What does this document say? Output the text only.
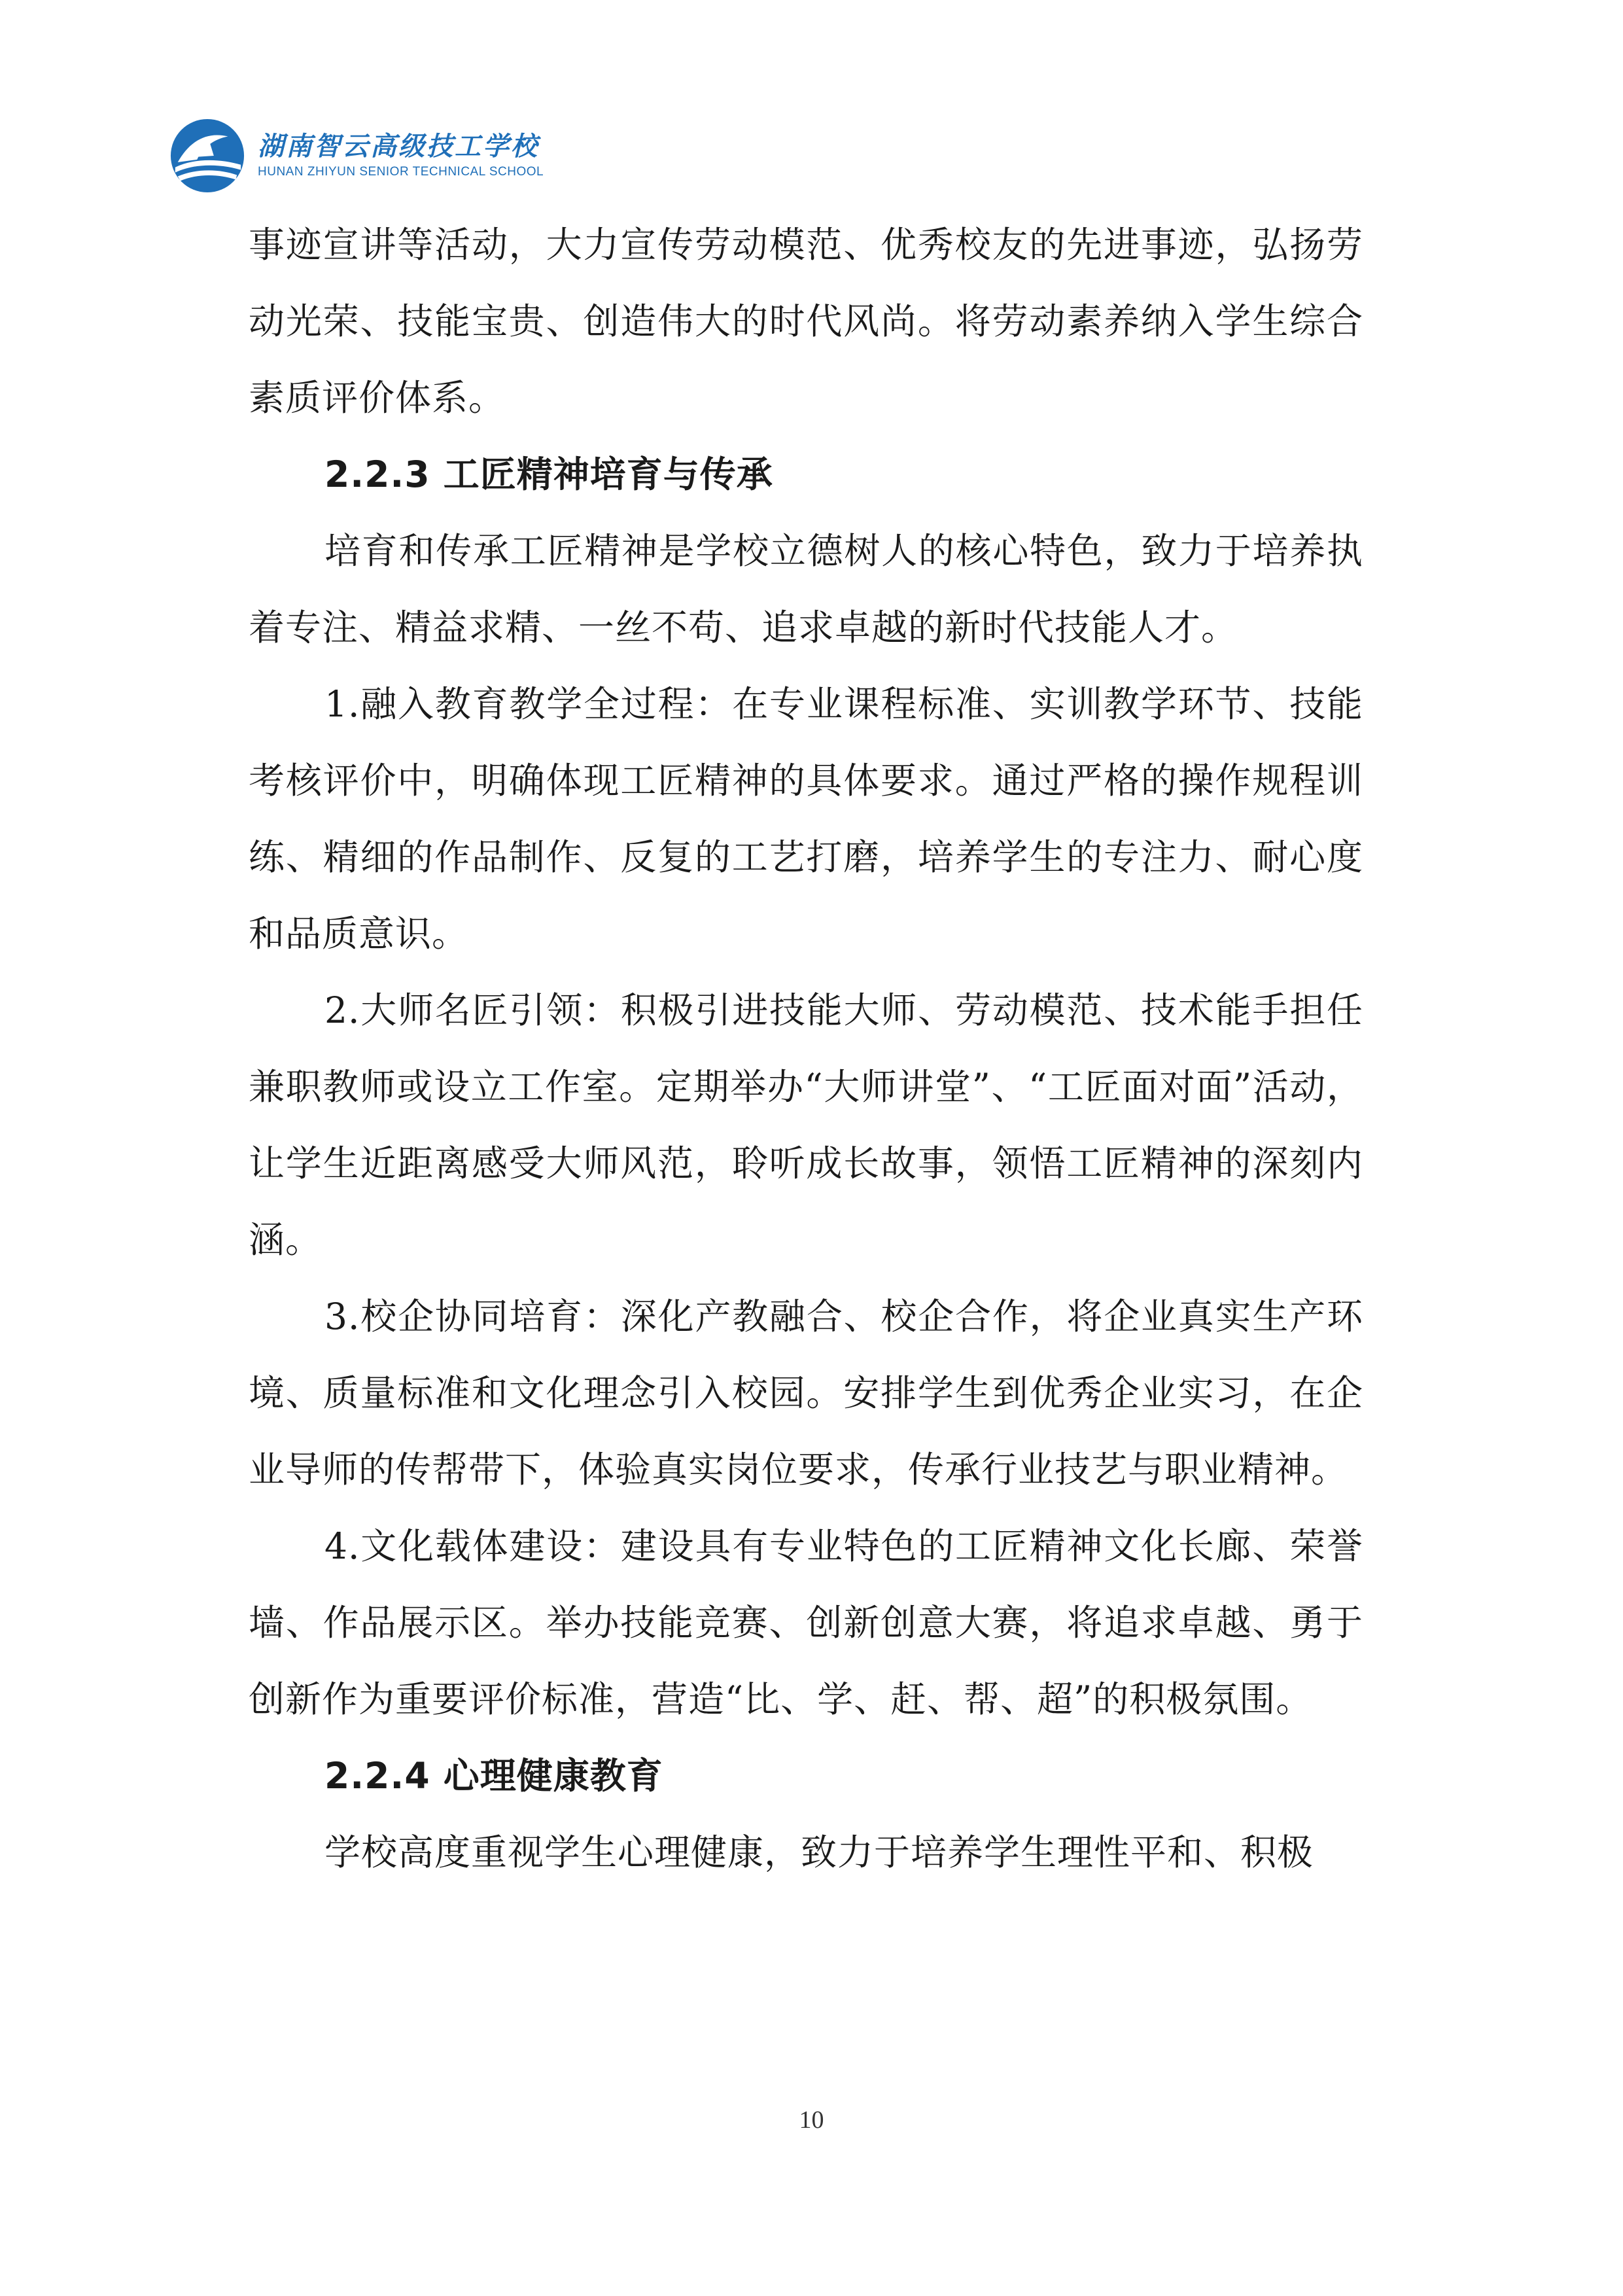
湖南智云高级技工学校
HUNAN ZHIYUN SENIOR TECHNICAL SCHOOL

事迹宣讲等活动，大力宣传劳动模范、优秀校友的先进事迹，弘扬劳动光荣、技能宝贵、创造伟大的时代风尚。将劳动素养纳入学生综合素质评价体系。

2.2.3 工匠精神培育与传承

培育和传承工匠精神是学校立德树人的核心特色，致力于培养执着专注、精益求精、一丝不苟、追求卓越的新时代技能人才。

1.融入教育教学全过程：在专业课程标准、实训教学环节、技能考核评价中，明确体现工匠精神的具体要求。通过严格的操作规程训练、精细的作品制作、反复的工艺打磨，培养学生的专注力、耐心度和品质意识。

2.大师名匠引领：积极引进技能大师、劳动模范、技术能手担任兼职教师或设立工作室。定期举办“大师讲堂”、“工匠面对面”活动，让学生近距离感受大师风范，聆听成长故事，领悟工匠精神的深刻内涵。

3.校企协同培育：深化产教融合、校企合作，将企业真实生产环境、质量标准和文化理念引入校园。安排学生到优秀企业实习，在企业导师的传帮带下，体验真实岗位要求，传承行业技艺与职业精神。

4.文化载体建设：建设具有专业特色的工匠精神文化长廊、荣誉墙、作品展示区。举办技能竞赛、创新创意大赛，将追求卓越、勇于创新作为重要评价标准，营造“比、学、赶、帮、超”的积极氛围。

2.2.4 心理健康教育

学校高度重视学生心理健康，致力于培养学生理性平和、积极

10
